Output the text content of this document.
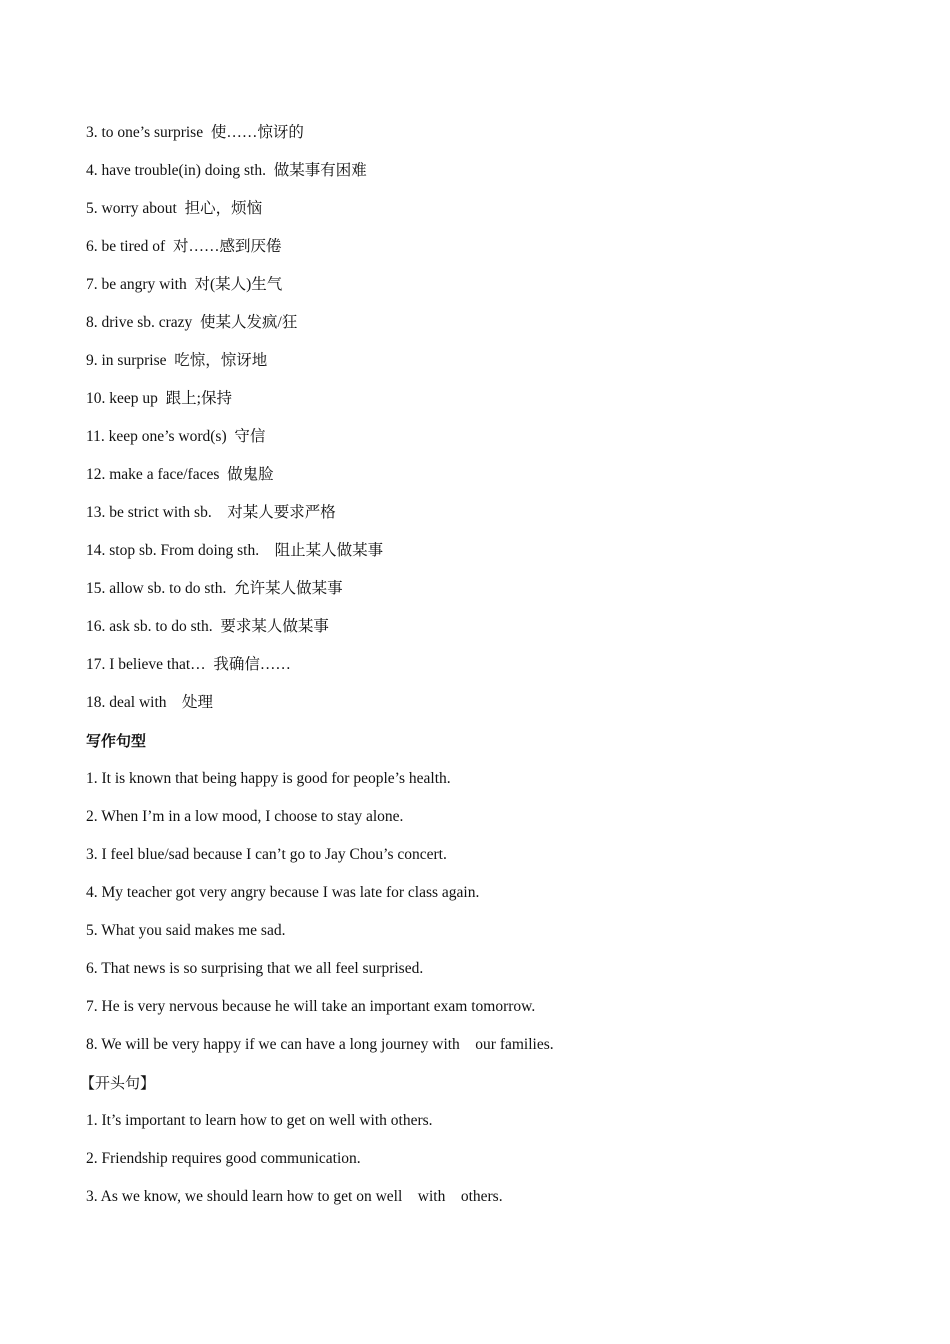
3. to one’s surprise  使……惊讶的
4. have trouble(in) doing sth.  做某事有困难
5. worry about  担心，烦恼
6. be tired of  对……感到厌倦
7. be angry with  对(某人)生气
8. drive sb. crazy  使某人发疯/狂
9. in surprise  吃惊，惊讶地
10. keep up  跟上;保持
11. keep one’s word(s)  守信
12. make a face/faces  做鬼脸
13. be strict with sb.    对某人要求严格
14. stop sb. From doing sth.    阻止某人做某事
15. allow sb. to do sth.  允许某人做某事
16. ask sb. to do sth.  要求某人做某事
17. I believe that…  我确信……
18. deal with    处理
写作句型
1. It is known that being happy is good for people’s health.
2. When I’m in a low mood, I choose to stay alone.
3. I feel blue/sad because I can’t go to Jay Chou’s concert.
4. My teacher got very angry because I was late for class again.
5. What you said makes me sad.
6. That news is so surprising that we all feel surprised.
7. He is very nervous because he will take an important exam tomorrow.
8. We will be very happy if we can have a long journey with    our families.
【开头句】
1. It’s important to learn how to get on well with others.
2. Friendship requires good communication.
3. As we know, we should learn how to get on well    with    others.
